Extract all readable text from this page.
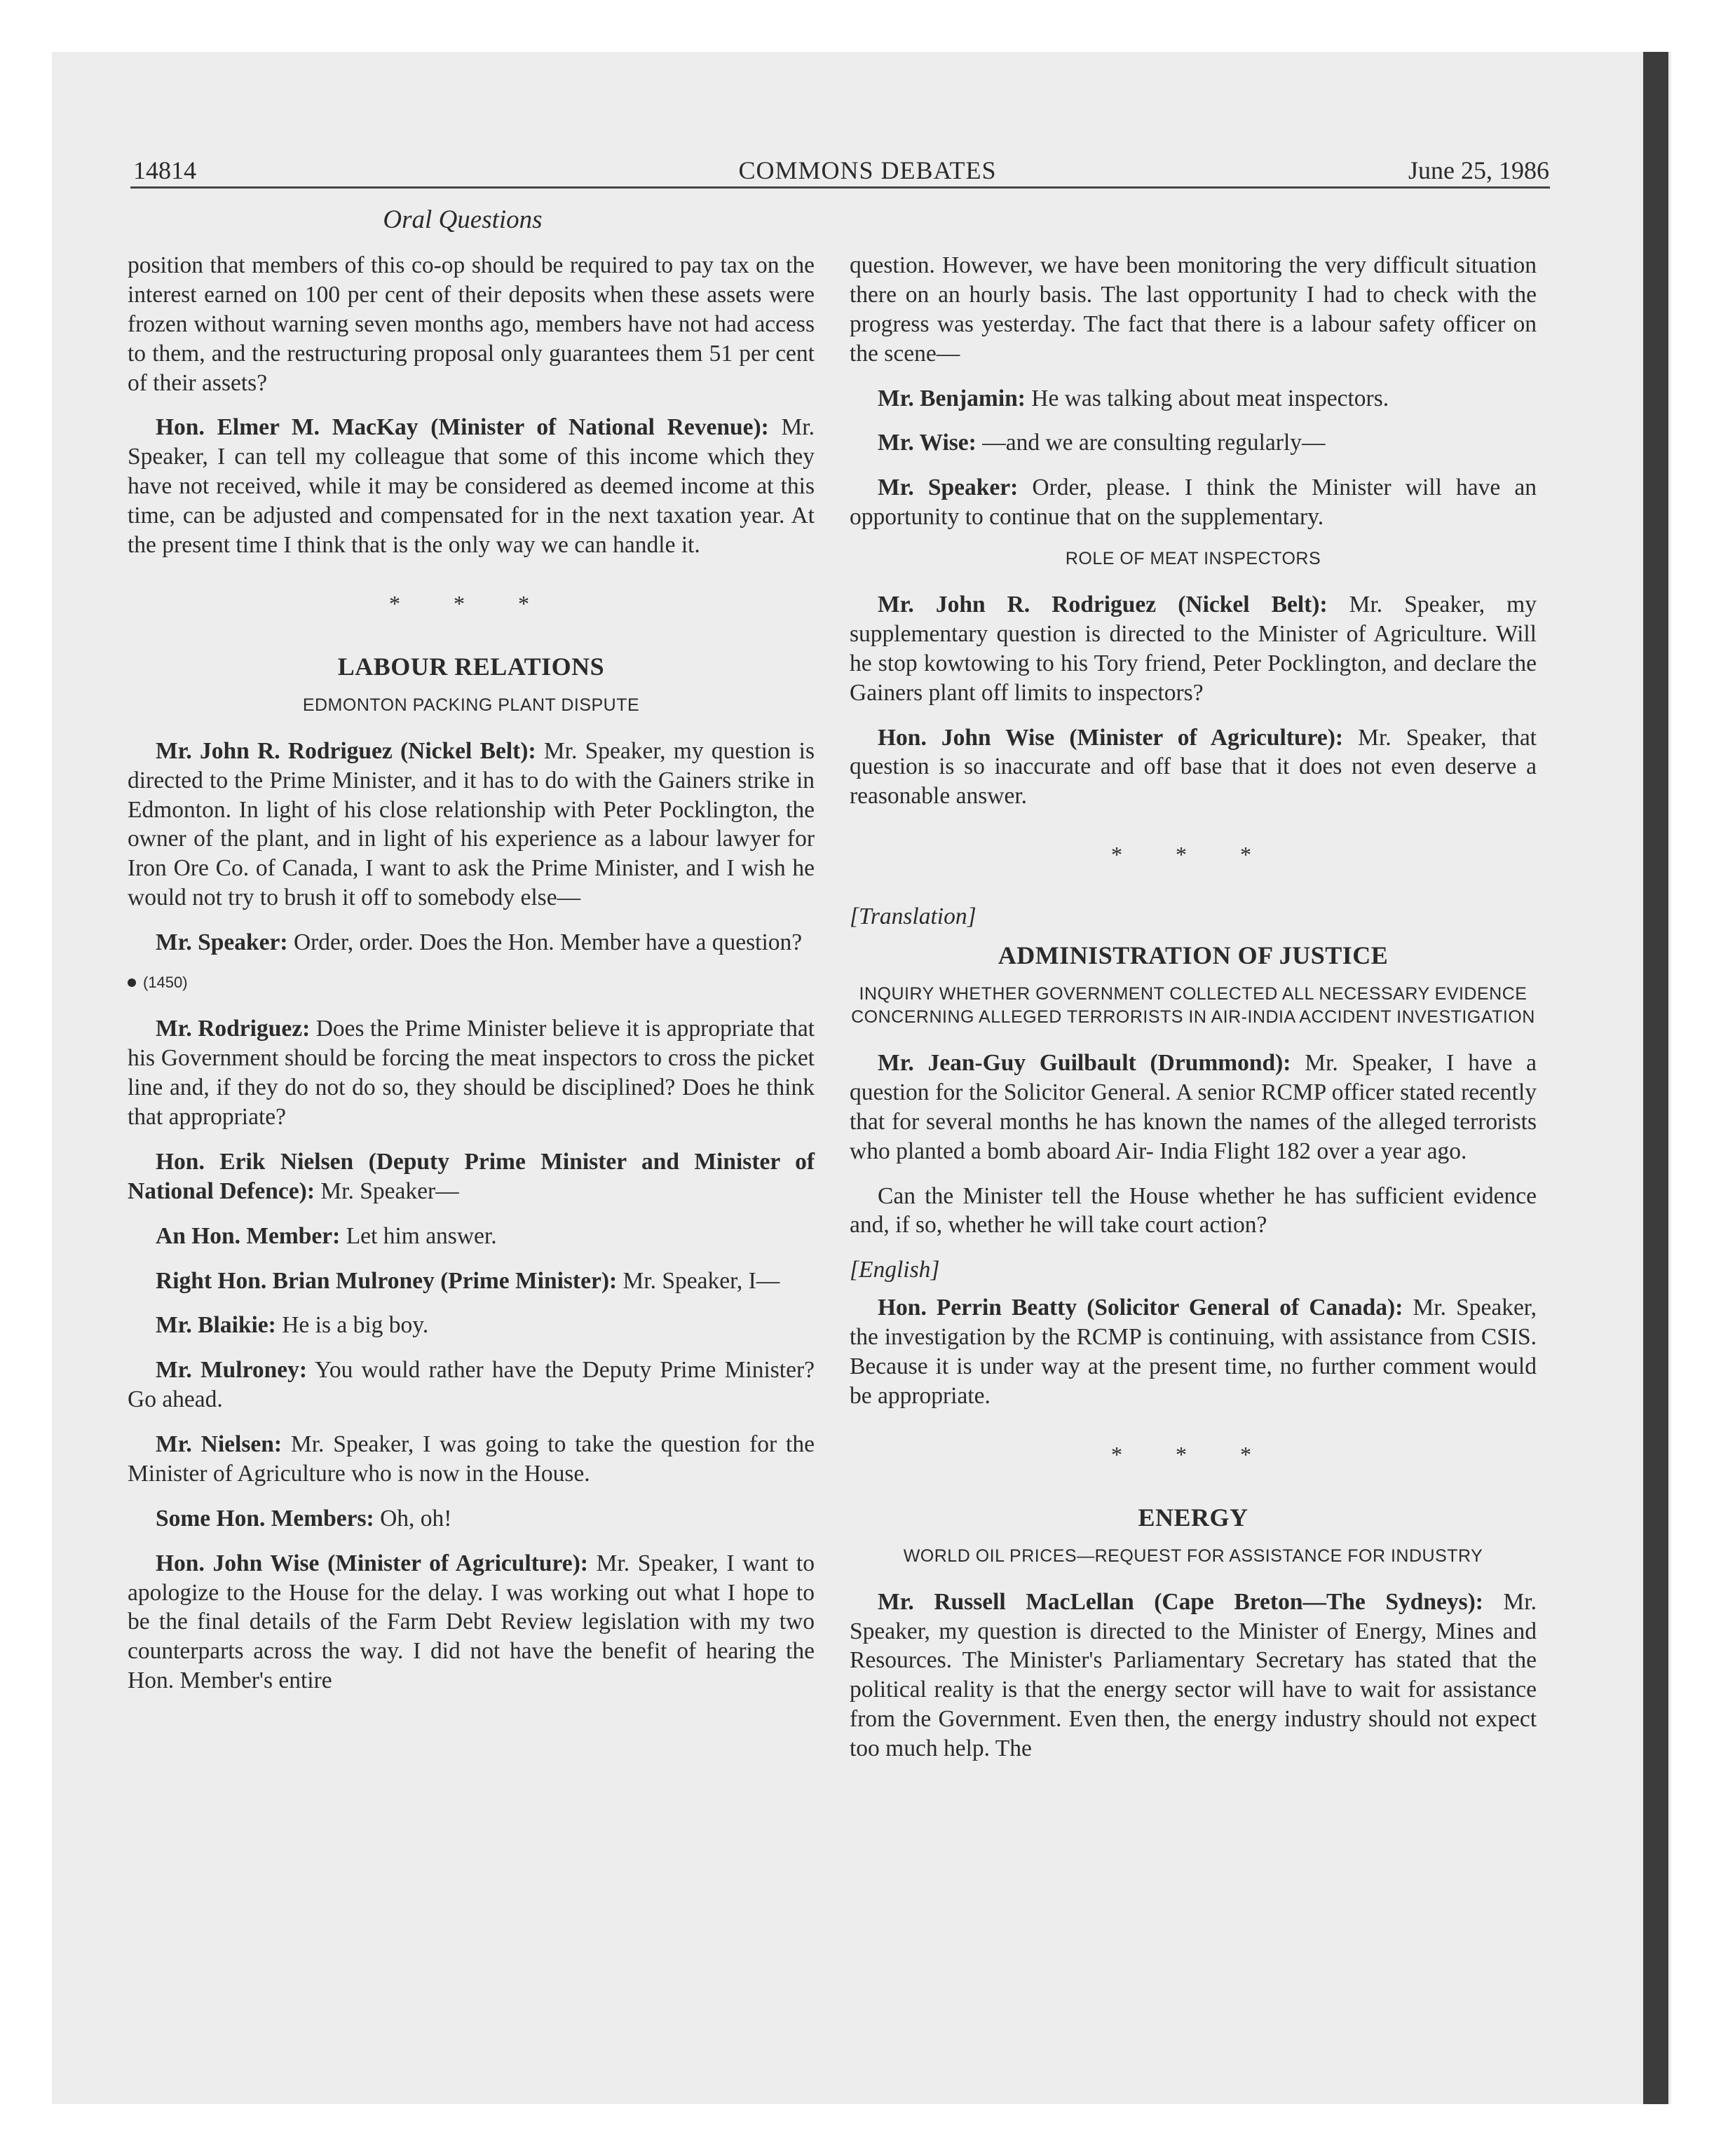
14814	COMMONS DEBATES	June 25, 1986
Oral Questions

position that members of this co-op should be required to pay tax on the interest earned on 100 per cent of their deposits when these assets were frozen without warning seven months ago, members have not had access to them, and the restructuring proposal only guarantees them 51 per cent of their assets?

Hon. Elmer M. MacKay (Minister of National Revenue): Mr. Speaker, I can tell my colleague that some of this income which they have not received, while it may be considered as deemed income at this time, can be adjusted and compensated for in the next taxation year. At the present time I think that is the only way we can handle it.

* * *
LABOUR RELATIONS
EDMONTON PACKING PLANT DISPUTE

Mr. John R. Rodriguez (Nickel Belt): Mr. Speaker, my question is directed to the Prime Minister, and it has to do with the Gainers strike in Edmonton. In light of his close relationship with Peter Pocklington, the owner of the plant, and in light of his experience as a labour lawyer for Iron Ore Co. of Canada, I want to ask the Prime Minister, and I wish he would not try to brush it off to somebody else—

Mr. Speaker: Order, order. Does the Hon. Member have a question?

(1450)

Mr. Rodriguez: Does the Prime Minister believe it is appropriate that his Government should be forcing the meat inspectors to cross the picket line and, if they do not do so, they should be disciplined? Does he think that appropriate?

Hon. Erik Nielsen (Deputy Prime Minister and Minister of National Defence): Mr. Speaker—

An Hon. Member: Let him answer.

Right Hon. Brian Mulroney (Prime Minister): Mr. Speaker, I—

Mr. Blaikie: He is a big boy.

Mr. Mulroney: You would rather have the Deputy Prime Minister? Go ahead.

Mr. Nielsen: Mr. Speaker, I was going to take the question for the Minister of Agriculture who is now in the House.

Some Hon. Members: Oh, oh!

Hon. John Wise (Minister of Agriculture): Mr. Speaker, I want to apologize to the House for the delay. I was working out what I hope to be the final details of the Farm Debt Review legislation with my two counterparts across the way. I did not have the benefit of hearing the Hon. Member's entire

question. However, we have been monitoring the very difficult situation there on an hourly basis. The last opportunity I had to check with the progress was yesterday. The fact that there is a labour safety officer on the scene—

Mr. Benjamin: He was talking about meat inspectors.

Mr. Wise: —and we are consulting regularly—

Mr. Speaker: Order, please. I think the Minister will have an opportunity to continue that on the supplementary.

ROLE OF MEAT INSPECTORS

Mr. John R. Rodriguez (Nickel Belt): Mr. Speaker, my supplementary question is directed to the Minister of Agriculture. Will he stop kowtowing to his Tory friend, Peter Pocklington, and declare the Gainers plant off limits to inspectors?

Hon. John Wise (Minister of Agriculture): Mr. Speaker, that question is so inaccurate and off base that it does not even deserve a reasonable answer.

* * *
[Translation]
ADMINISTRATION OF JUSTICE
INQUIRY WHETHER GOVERNMENT COLLECTED ALL NECESSARY EVIDENCE CONCERNING ALLEGED TERRORISTS IN AIR-INDIA ACCIDENT INVESTIGATION

Mr. Jean-Guy Guilbault (Drummond): Mr. Speaker, I have a question for the Solicitor General. A senior RCMP officer stated recently that for several months he has known the names of the alleged terrorists who planted a bomb aboard Air- India Flight 182 over a year ago.

Can the Minister tell the House whether he has sufficient evidence and, if so, whether he will take court action?

[English]

Hon. Perrin Beatty (Solicitor General of Canada): Mr. Speaker, the investigation by the RCMP is continuing, with assistance from CSIS. Because it is under way at the present time, no further comment would be appropriate.

* * *
ENERGY
WORLD OIL PRICES—REQUEST FOR ASSISTANCE FOR INDUSTRY

Mr. Russell MacLellan (Cape Breton—The Sydneys): Mr. Speaker, my question is directed to the Minister of Energy, Mines and Resources. The Minister's Parliamentary Secretary has stated that the political reality is that the energy sector will have to wait for assistance from the Government. Even then, the energy industry should not expect too much help. The
